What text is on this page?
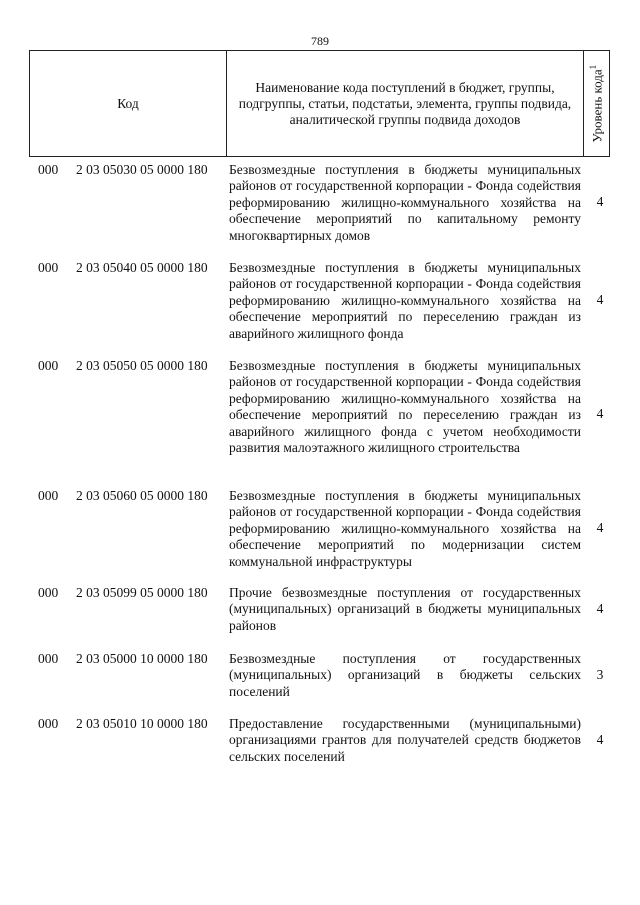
789
Код
Наименование кода поступлений в бюджет, группы, подгруппы, статьи, подстатьи, элемента, группы подвида, аналитической группы подвида доходов	Уровень кода$^1$
000 2 03 05030 05 0000 180 Безвозмездные поступления в бюджеты муниципальных районов от государственной корпорации - Фонда содействия реформированию жилищно-коммунального хозяйства на обеспечение мероприятий по капитальному ремонту многоквартирных домов
4
000 2 03 05040 05 0000 180 Безвозмездные поступления в бюджеты муниципальных районов от государственной корпорации - Фонда содействия реформированию жилищно-коммунального хозяйства на обеспечение мероприятий по переселению граждан из аварийного жилищного фонда
4
000 2 03 05050 05 0000 180 Безвозмездные поступления в бюджеты муниципальных районов от государственной корпорации - Фонда содействия реформированию жилищно-коммунального хозяйства на обеспечение мероприятий по переселению граждан из аварийного жилищного фонда с учетом необходимости развития малоэтажного жилищного строительства
4
000 2 03 05060 05 0000 180 Безвозмездные поступления в бюджеты муниципальных районов от государственной корпорации - Фонда содействия реформированию жилищно-коммунального хозяйства на обеспечение мероприятий по модернизации систем коммунальной инфраструктуры
4
000 2 03 05099 05 0000 180 Прочие безвозмездные поступления от государственных (муниципальных) организаций в бюджеты муниципальных районов
4
000 2 03 05000 10 0000 180 Безвозмездные поступления от государственных (муниципальных) организаций в бюджеты сельских поселений
3
000 2 03 05010 10 0000 180 Предоставление государственными (муниципальными) организациями грантов для получателей средств бюджетов сельских поселений
4
